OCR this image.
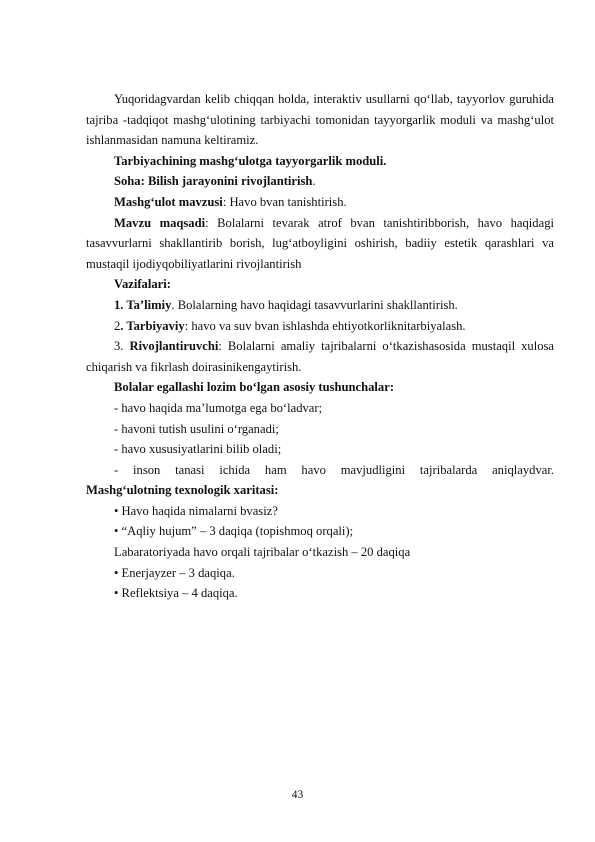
Yuqoridagvardan kelib chiqqan holda, interaktiv usullarni qo‘llab, tayyorlov guruhida tajriba -tadqiqot mashg‘ulotining tarbiyachi tomonidan tayyorgarlik moduli va mashg‘ulot ishlanmasidan namuna keltiramiz.

Tarbiyachining mashg‘ulotga tayyorgarlik moduli.

Soha: Bilish jarayonini rivojlantirish.

Mashg‘ulot mavzusi: Havo bvan tanishtirish.

Mavzu maqsadi: Bolalarni tevarak atrof bvan tanishtiribborish, havo haqidagi tasavvurlarni shakllantirib borish, lug‘atboyligini oshirish, badiiy estetik qarashlari va mustaqil ijodiyqobiliyatlarini rivojlantirish

Vazifalari:

1. Ta’limiy. Bolalarning havo haqidagi tasavvurlarini shakllantirish.

2. Tarbiyaviy: havo va suv bvan ishlashda ehtiyotkorliknitarbiyalash.

3. Rivojlantiruvchi: Bolalarni amaliy tajribalarni o‘tkazishasosida mustaqil xulosa chiqarish va fikrlash doirasinikengaytirish.

Bolalar egallashi lozim bo‘lgan asosiy tushunchalar:

- havo haqida ma’lumotga ega bo‘ladvar;

- havoni tutish usulini o‘rganadi;

- havo xususiyatlarini bilib oladi;

- inson tanasi ichida ham havo mavjudligini tajribalarda aniqlaydvar.

Mashg‘ulotning texnologik xaritasi:

• Havo haqida nimalarni bvasiz?

• “Aqliy hujum” – 3 daqiqa (topishmoq orqali);

Labaratoriyada havo orqali tajribalar o‘tkazish – 20 daqiqa

• Enerjayzer – 3 daqiqa.

• Reflektsiya – 4 daqiqa.

43
